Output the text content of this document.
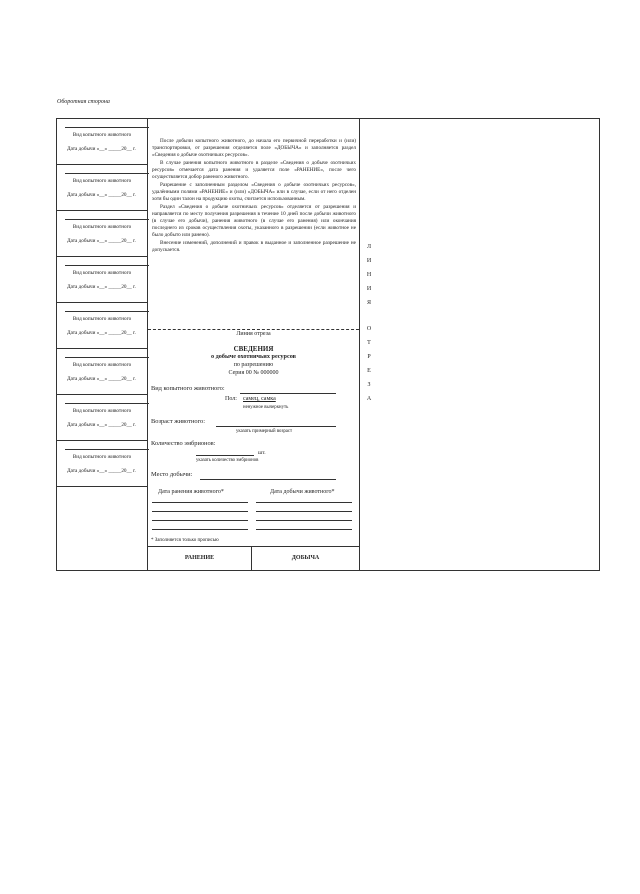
Оборотная сторона
Вид копытного животного
Дата добычи «__» _____20__ г.
Вид копытного животного
Дата добычи «__» _____20__ г.
Вид копытного животного
Дата добычи «__» _____20__ г.
Вид копытного животного
Дата добычи «__» _____20__ г.
Вид копытного животного
Дата добычи «__» _____20__ г.
Вид копытного животного
Дата добычи «__» _____20__ г.
Вид копытного животного
Дата добычи «__» _____20__ г.
Вид копытного животного
Дата добычи «__» _____20__ г.

После добычи копытного животного, до начала его первичной переработки и (или) транспортировки, от разрешения отделяется поле «ДОБЫЧА» и заполняется раздел «Сведения о добыче охотничьих ресурсов».

В случае ранения копытного животного в разделе «Сведения о добыче охотничьих ресурсов» отмечается дата ранения и удаляется поле «РАНЕНИЕ», после чего осуществляется добор раненого животного.

Разрешение с заполненным разделом «Сведения о добыче охотничьих ресурсов», удалёнными полями «РАНЕНИЕ» и (или) «ДОБЫЧА» или в случае, если от него отделен хотя бы один талон на продукцию охоты, считается использованным.

Раздел «Сведения о добыче охотничьих ресурсов» отделяется от разрешения и направляется по месту получения разрешения в течение 10 дней после добычи животного (в случае его добычи), ранения животного (в случае его ранения) или окончания последнего из сроков осуществления охоты, указанного в разрешении (если животное не было добыто или ранено).

Внесение изменений, дополнений и правок в выданное и заполненное разрешение не допускается.

Линия отреза
Л
И
Н
И
Я
О
Т
Р
Е
З
А
СВЕДЕНИЯ
о добыче охотничьих ресурсов
по разрешению
Серия 00 № 000000
Вид копытного животного:
Пол: самец, самка
ненужное вычеркнуть
Возраст животного:
указать примерный возраст
Количество эмбрионов:
шт.
указать количество эмбрионов
Место добычи:
Дата ранения животного*	Дата добычи животного*
* Заполняется только прописью
РАНЕНИЕ	ДОБЫЧА
